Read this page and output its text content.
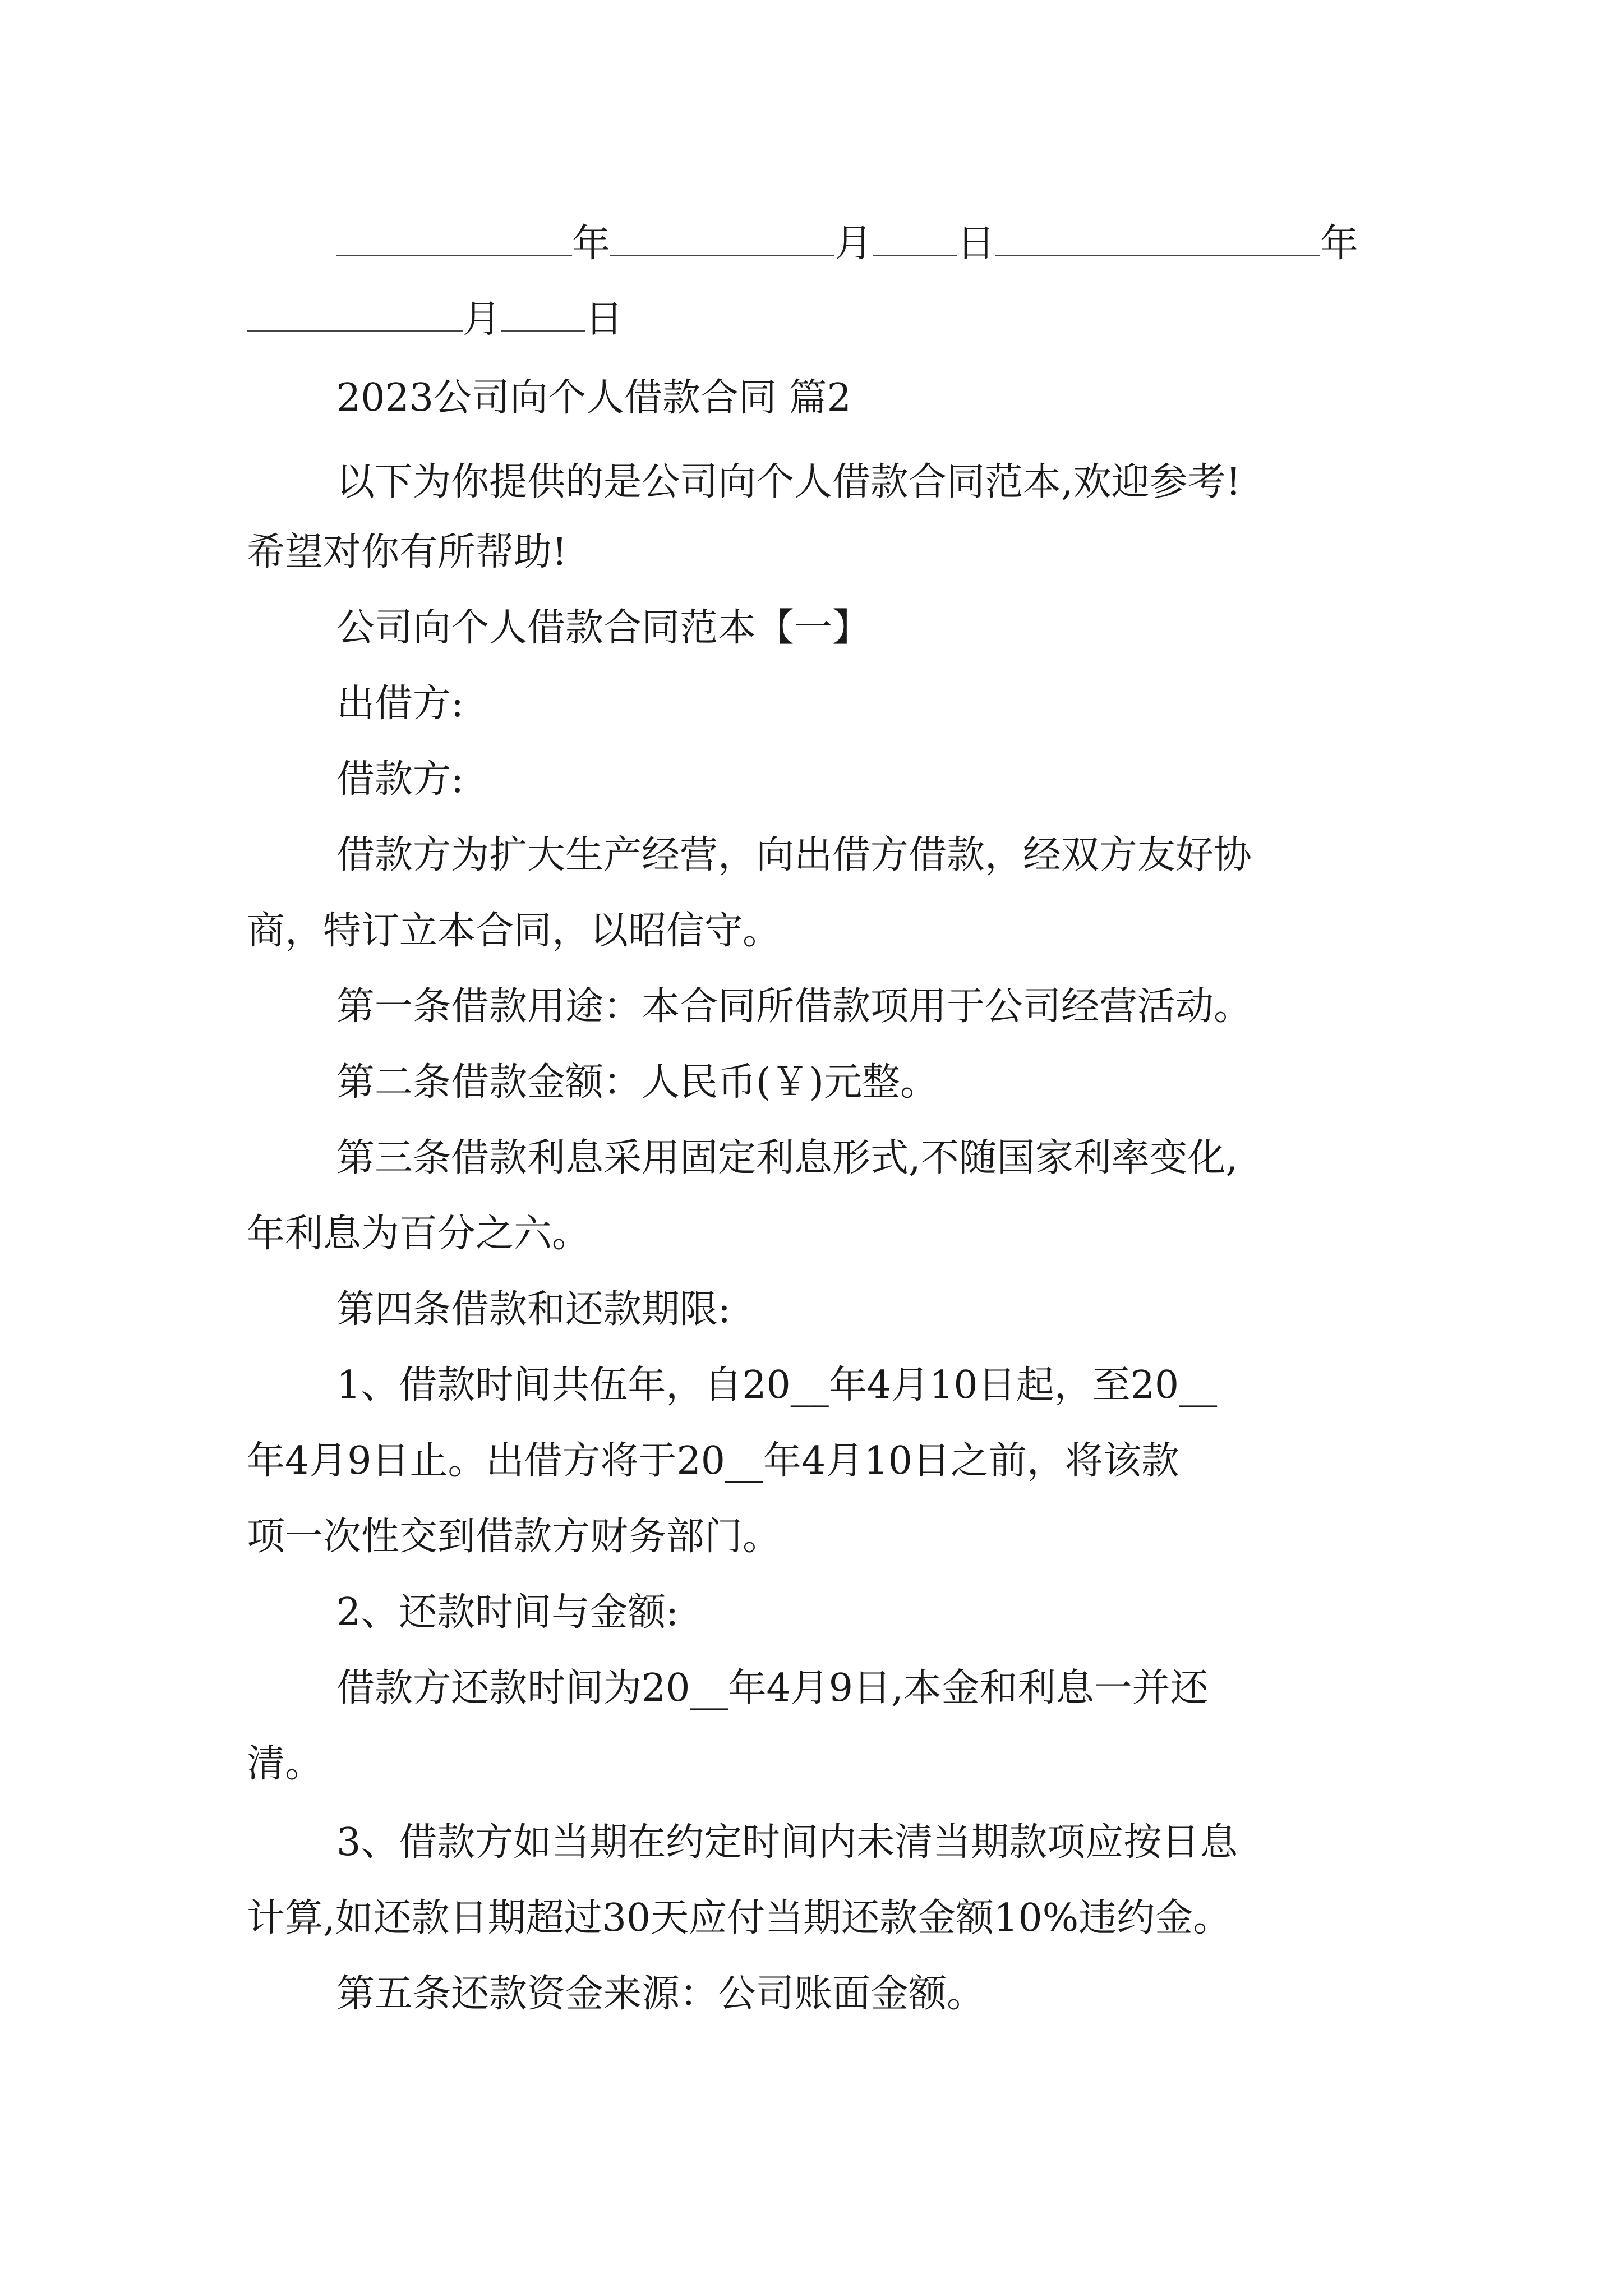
年	月 日	年
月 日
2023公司向个人借款合同 篇2
以下为你提供的是公司向个人借款合同范本,欢迎参考!
希望对你有所帮助!
公司向个人借款合同范本【一】
出借方:
借款方:
借款方为扩大生产经营，向出借方借款，经双方友好协
商，特订立本合同，以昭信守。
第一条借款用途：本合同所借款项用于公司经营活动。
第二条借款金额：人民币(￥)元整。
第三条借款利息采用固定利息形式,不随国家利率变化,
年利息为百分之六。
第四条借款和还款期限:
1、借款时间共伍年，自20__年4月10日起，至20__
年4月9日止。出借方将于20__年4月10日之前，将该款
项一次性交到借款方财务部门。
2、还款时间与金额:
借款方还款时间为20__年4月9日,本金和利息一并还
清。
3、借款方如当期在约定时间内未清当期款项应按日息
计算,如还款日期超过30天应付当期还款金额10%违约金。
第五条还款资金来源：公司账面金额。
